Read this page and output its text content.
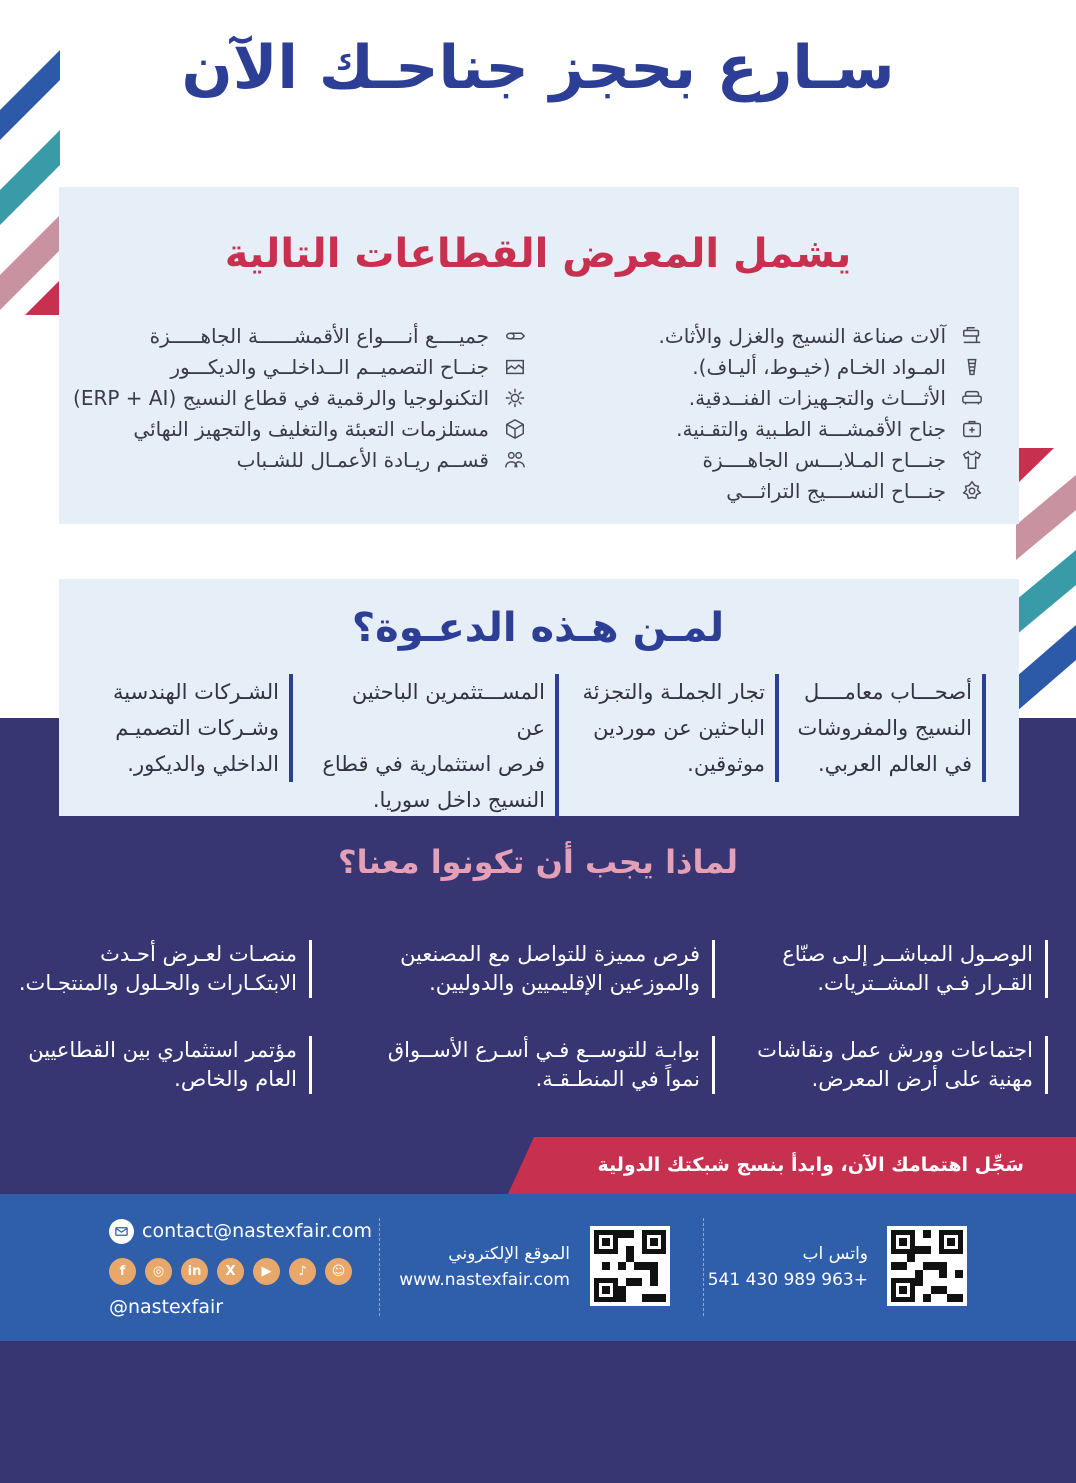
سـارع بحجز جناحـك الآن
يشمل المعرض القطاعات التالية
آلات صناعة النسيج والغزل والأثاث.
المـواد الخـام (خيـوط، أليـاف).
الأثـــاث والتجـهيزات الفنــدقية.
جناح الأقمشـــة الطـبية والتقـنية.
جنـــاح المـلابـــس الجاهــــزة
جنـــاح النســــيج التراثـــي
جميــــع أنــــواع الأقمشــــــة الجاهـــــزة
جنــاح التصميــم الــداخلــي والديكـــور
التكنولوجيا والرقمية في قطاع النسيج (ERP + AI)
مستلزمات التعبئة والتغليف والتجهيز النهائي
قســم ريـادة الأعمـال للشـباب
لمـن هـذه الدعـوة؟
أصحـــاب معامــــل
النسيج والمفروشات
في العالم العربي.
تجار الجملـة والتجزئة
الباحثين عن موردين
موثوقين.
المســـتثمرين الباحثين عن
فرص استثمارية في قطاع
النسيج داخل سوريا.
الشـركات الهندسية
وشـركات التصميـم
الداخلي والديكور.
لماذا يجب أن تكونوا معنا؟
الوصـول المباشــر إلـى صنّاع
القـرار فـي المشــتريات.
فرص مميزة للتواصل مع المصنعين
والموزعين الإقليميين والدوليين.
منصـات لعـرض أحـدث
الابتكـارات والحـلول والمنتجـات.
اجتماعات وورش عمل ونقاشات
مهنية على أرض المعرض.
بوابـة للتوســع فـي أسـرع الأســواق
نمواً في المنطـقـة.
مؤتمر استثماري بين القطاعيين
العام والخاص.
سَجِّل اهتمامك الآن، وابدأ بنسج شبكتك الدولية
واتس اب
+963 989 430 541
الموقع الإلكتروني
www.nastexfair.com
contact@nastexfair.com
f	◎	in	X	▶	♪	☺
@nastexfair
